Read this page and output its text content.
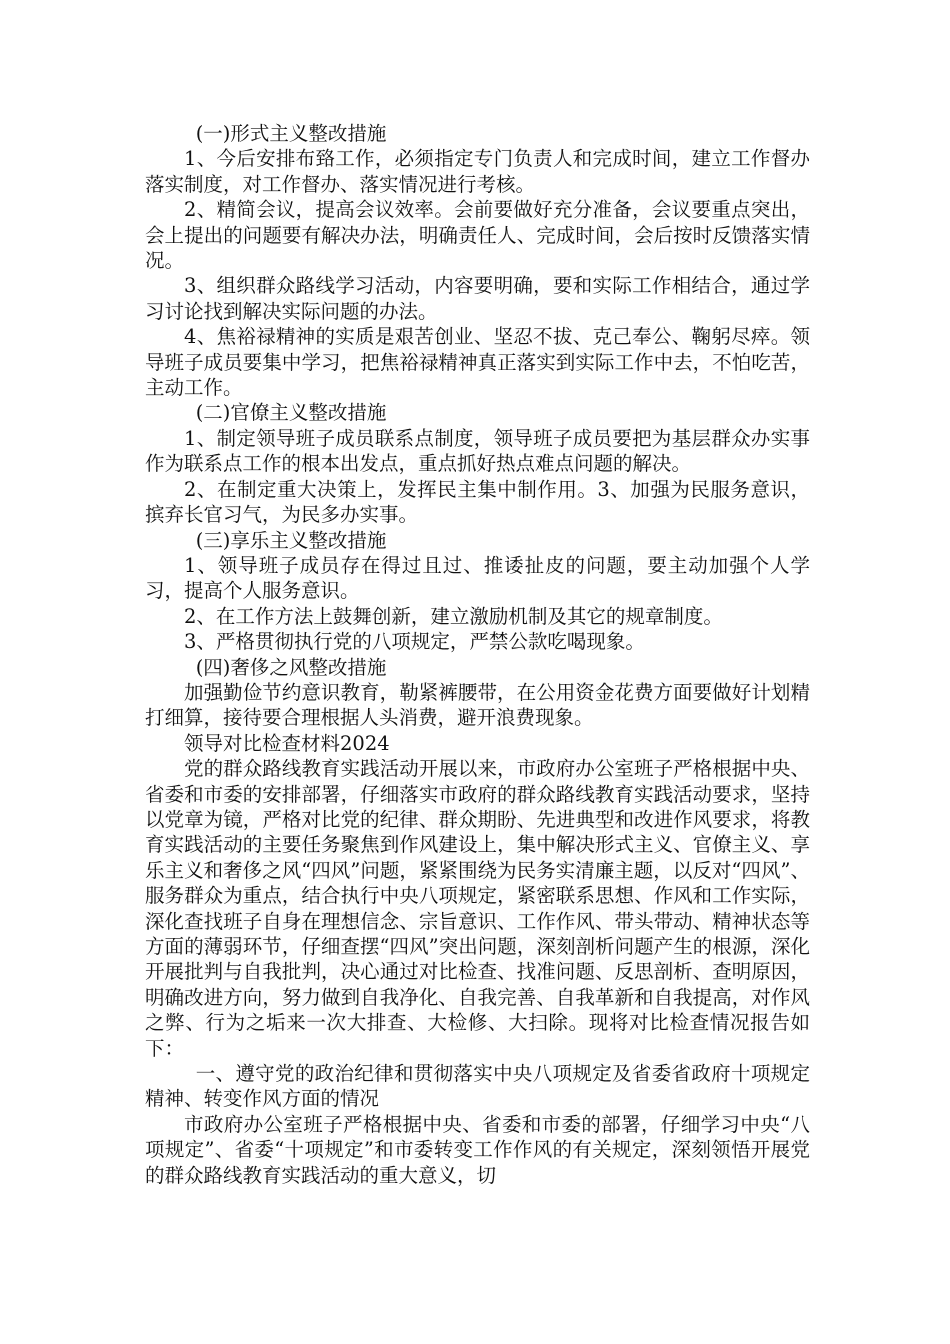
(一)形式主义整改措施

1、今后安排布臵工作，必须指定专门负责人和完成时间，建立工作督办落实制度，对工作督办、落实情况进行考核。

2、精简会议，提高会议效率。会前要做好充分准备，会议要重点突出，会上提出的问题要有解决办法，明确责任人、完成时间，会后按时反馈落实情况。

3、组织群众路线学习活动，内容要明确，要和实际工作相结合，通过学习讨论找到解决实际问题的办法。

4、焦裕禄精神的实质是艰苦创业、坚忍不拔、克己奉公、鞠躬尽瘁。领导班子成员要集中学习，把焦裕禄精神真正落实到实际工作中去，不怕吃苦，主动工作。

(二)官僚主义整改措施

1、制定领导班子成员联系点制度，领导班子成员要把为基层群众办实事作为联系点工作的根本出发点，重点抓好热点难点问题的解决。

2、在制定重大决策上，发挥民主集中制作用。3、加强为民服务意识，摈弃长官习气，为民多办实事。

(三)享乐主义整改措施

1、领导班子成员存在得过且过、推诿扯皮的问题，要主动加强个人学习，提高个人服务意识。

2、在工作方法上鼓舞创新，建立激励机制及其它的规章制度。

3、严格贯彻执行党的八项规定，严禁公款吃喝现象。

(四)奢侈之风整改措施

加强勤俭节约意识教育，勒紧裤腰带，在公用资金花费方面要做好计划精打细算，接待要合理根据人头消费，避开浪费现象。

领导对比检查材料2024

党的群众路线教育实践活动开展以来，市政府办公室班子严格根据中央、省委和市委的安排部署，仔细落实市政府的群众路线教育实践活动要求，坚持以党章为镜，严格对比党的纪律、群众期盼、先进典型和改进作风要求，将教育实践活动的主要任务聚焦到作风建设上，集中解决形式主义、官僚主义、享乐主义和奢侈之风“四风”问题，紧紧围绕为民务实清廉主题，以反对“四风”、服务群众为重点，结合执行中央八项规定，紧密联系思想、作风和工作实际，深化查找班子自身在理想信念、宗旨意识、工作作风、带头带动、精神状态等方面的薄弱环节，仔细查摆“四风”突出问题，深刻剖析问题产生的根源，深化开展批判与自我批判，决心通过对比检查、找准问题、反思剖析、查明原因，明确改进方向，努力做到自我净化、自我完善、自我革新和自我提高，对作风之弊、行为之垢来一次大排查、大检修、大扫除。现将对比检查情况报告如下：

一、遵守党的政治纪律和贯彻落实中央八项规定及省委省政府十项规定精神、转变作风方面的情况

市政府办公室班子严格根据中央、省委和市委的部署，仔细学习中央“八项规定”、省委“十项规定”和市委转变工作作风的有关规定，深刻领悟开展党的群众路线教育实践活动的重大意义，切
